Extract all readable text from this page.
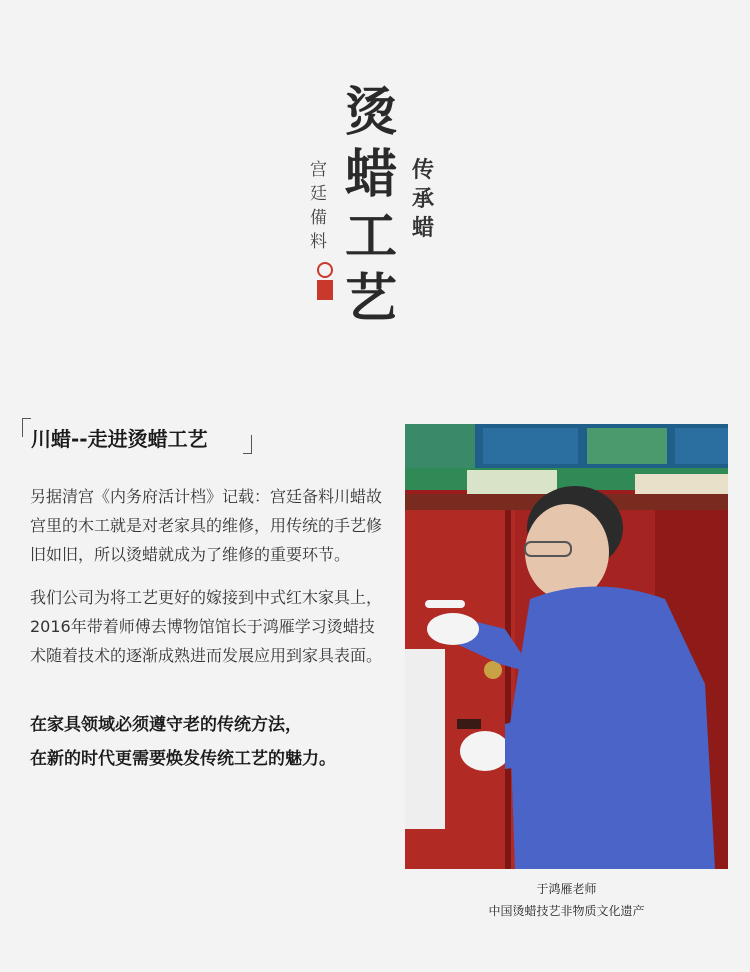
烫
蜡
工
艺
传
承
蜡
宫
廷
備
料
川蜡--走进烫蜡工艺

另据清宫《内务府活计档》记载：宫廷备料川蜡故宫里的木工就是对老家具的维修，用传统的手艺修旧如旧，所以烫蜡就成为了维修的重要环节。

我们公司为将工艺更好的嫁接到中式红木家具上，2016年带着师傅去博物馆馆长于鸿雁学习烫蜡技术随着技术的逐渐成熟进而发展应用到家具表面。

在家具领域必须遵守老的传统方法，
在新的时代更需要焕发传统工艺的魅力。

于鸿雁老师
中国烫蜡技艺非物质文化遗产
